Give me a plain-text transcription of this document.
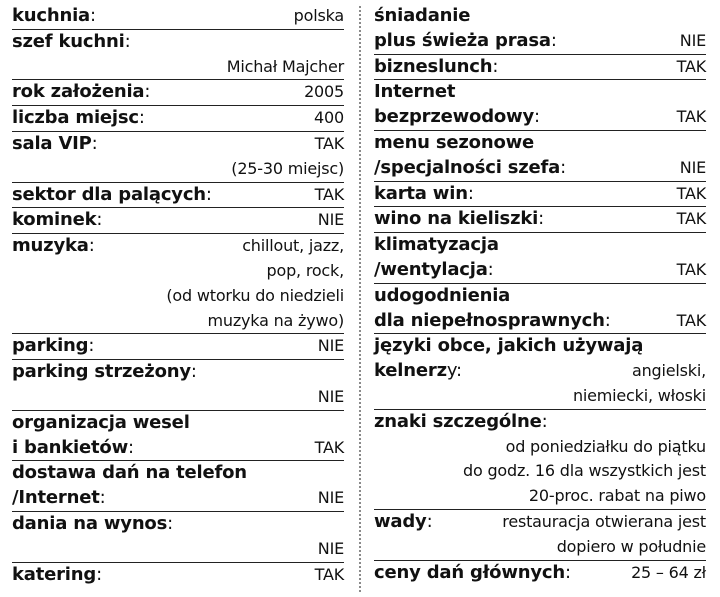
kuchnia:	polska
szef kuchni:
Michał Majcher
rok założenia:	2005
liczba miejsc:	400
sala VIP:	TAK
(25-30 miejsc)
sektor dla palących:	TAK
kominek:	NIE
muzyka:	chillout, jazz,
pop, rock,
(od wtorku do niedzieli
muzyka na żywo)
parking:	NIE
parking strzeżony:
NIE
organizacja wesel
i bankietów:	TAK
dostawa dań na telefon
/Internet:	NIE
dania na wynos:
NIE
katering:	TAK
śniadanie
plus świeża prasa:	NIE
bizneslunch:	TAK
Internet
bezprzewodowy:	TAK
menu sezonowe
/specjalności szefa:	NIE
karta win:	TAK
wino na kieliszki:	TAK
klimatyzacja
/wentylacja:	TAK
udogodnienia
dla niepełnosprawnych:	TAK
języki obce, jakich używają
kelnerzy:	angielski,
niemiecki, włoski
znaki szczególne:
od poniedziałku do piątku
do godz. 16 dla wszystkich jest
20-proc. rabat na piwo
wady:	restauracja otwierana jest
dopiero w południe
ceny dań głównych:	25 – 64 zł
